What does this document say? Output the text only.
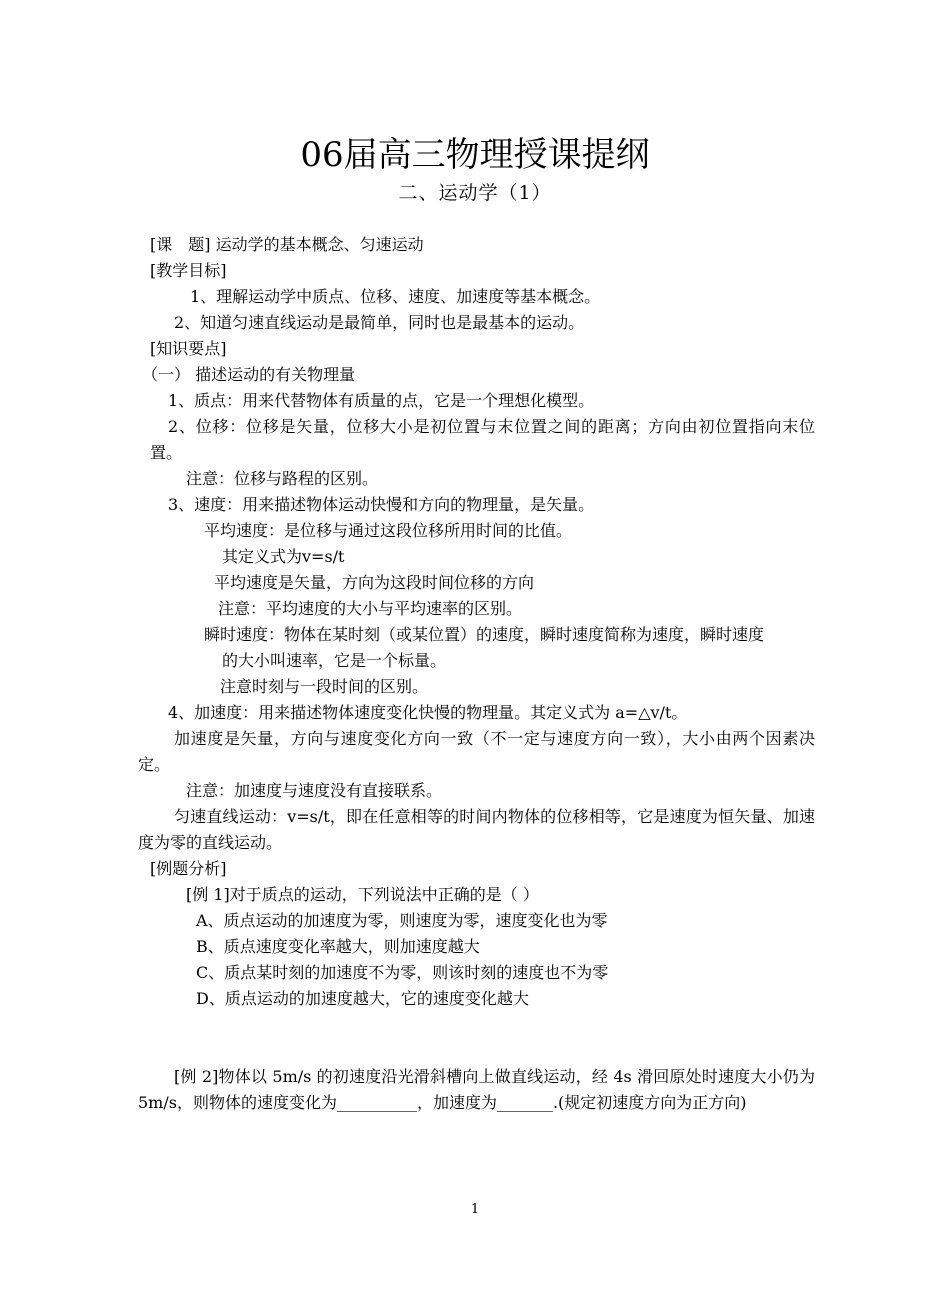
06届高三物理授课提纲
二、运动学（1）
[课　题] 运动学的基本概念、匀速运动
[教学目标]
1、理解运动学中质点、位移、速度、加速度等基本概念。
2、知道匀速直线运动是最简单，同时也是最基本的运动。
[知识要点]
（一） 描述运动的有关物理量
1、质点：用来代替物体有质量的点，它是一个理想化模型。
2、位移：位移是矢量，位移大小是初位置与末位置之间的距离；方向由初位置指向末位置。
注意：位移与路程的区别。
3、速度：用来描述物体运动快慢和方向的物理量，是矢量。
平均速度：是位移与通过这段位移所用时间的比值。
其定义式为v=s/t
平均速度是矢量，方向为这段时间位移的方向
注意：平均速度的大小与平均速率的区别。
瞬时速度：物体在某时刻（或某位置）的速度，瞬时速度简称为速度，瞬时速度
的大小叫速率，它是一个标量。
注意时刻与一段时间的区别。
4、加速度：用来描述物体速度变化快慢的物理量。其定义式为 a=△v/t。
加速度是矢量，方向与速度变化方向一致（不一定与速度方向一致），大小由两个因素决定。
注意：加速度与速度没有直接联系。
匀速直线运动：v=s/t，即在任意相等的时间内物体的位移相等，它是速度为恒矢量、加速度为零的直线运动。
[例题分析]
[例 1]对于质点的运动，下列说法中正确的是（ ）
A、质点运动的加速度为零，则速度为零，速度变化也为零
B、质点速度变化率越大，则加速度越大
C、质点某时刻的加速度不为零，则该时刻的速度也不为零
D、质点运动的加速度越大，它的速度变化越大
[例 2]物体以 5m/s 的初速度沿光滑斜槽向上做直线运动，经 4s 滑回原处时速度大小仍为 5m/s，则物体的速度变化为__________，加速度为_______.(规定初速度方向为正方向)
1
